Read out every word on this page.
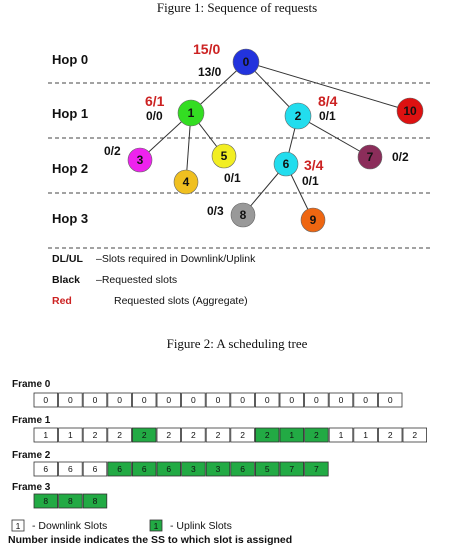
Figure 1: Sequence of requests
Figure 2: A scheduling tree
Hop 0
Hop 1
Hop 2
Hop 3
0
1	2	10
3
4
5
6	7
8	9
13/0
0/0	0/1
0/2
0/1	0/1
0/2
0/3
15/0
6/1	8/4
3/4
DL/UL –Slots required in Downlink/Uplink
Black –Requested slots
Red	Requested slots (Aggregate)
Frame 0
0 0 0 0 0 0 0 0 0 0 0 0 0 0 0
Frame 1
1 1 2 2 2 2 2 2 2 2 1 2 1 1 2 2
Frame 2
6 6 6 6 6 6 3 3 6 5 7 7
Frame 3
8 8 8
1 - Downlink Slots	1 - Uplink Slots
Number inside indicates the SS to which slot is assigned
